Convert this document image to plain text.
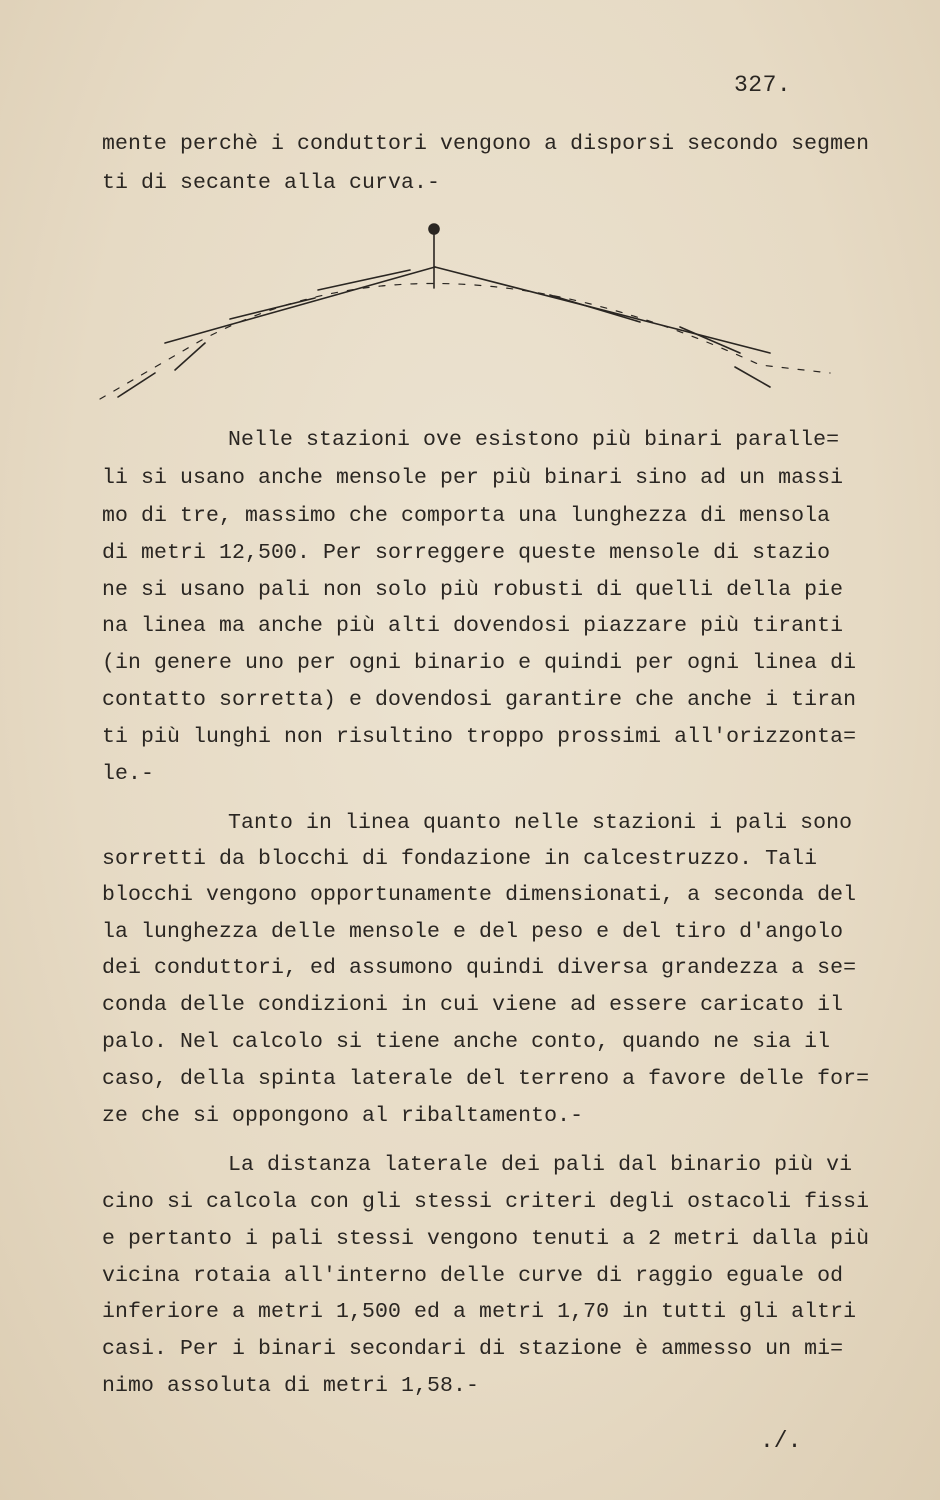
327.
mente perchè i conduttori vengono a disporsi secondo segmen
ti di secante alla curva.-
Nelle stazioni ove esistono più binari paralle=
li si usano anche mensole per più binari sino ad un massi
mo di tre, massimo che comporta una lunghezza di mensola
di metri 12,500. Per sorreggere queste mensole di stazio
ne si usano pali non solo più robusti di quelli della pie
na linea ma anche più alti dovendosi piazzare più tiranti
(in genere uno per ogni binario e quindi per ogni linea di
contatto sorretta) e dovendosi garantire che anche i tiran
ti più lunghi non risultino troppo prossimi all'orizzonta=
le.-
Tanto in linea quanto nelle stazioni i pali sono
sorretti da blocchi di fondazione in calcestruzzo. Tali
blocchi vengono opportunamente dimensionati, a seconda del
la lunghezza delle mensole e del peso e del tiro d'angolo
dei conduttori, ed assumono quindi diversa grandezza a se=
conda delle condizioni in cui viene ad essere caricato il
palo. Nel calcolo si tiene anche conto, quando ne sia il
caso, della spinta laterale del terreno a favore delle for=
ze che si oppongono al ribaltamento.-
La distanza laterale dei pali dal binario più vi
cino si calcola con gli stessi criteri degli ostacoli fissi
e pertanto i pali stessi vengono tenuti a 2 metri dalla più
vicina rotaia all'interno delle curve di raggio eguale od
inferiore a metri 1,500 ed a metri 1,70 in tutti gli altri
casi. Per i binari secondari di stazione è ammesso un mi=
nimo assoluta di metri 1,58.-
./.
